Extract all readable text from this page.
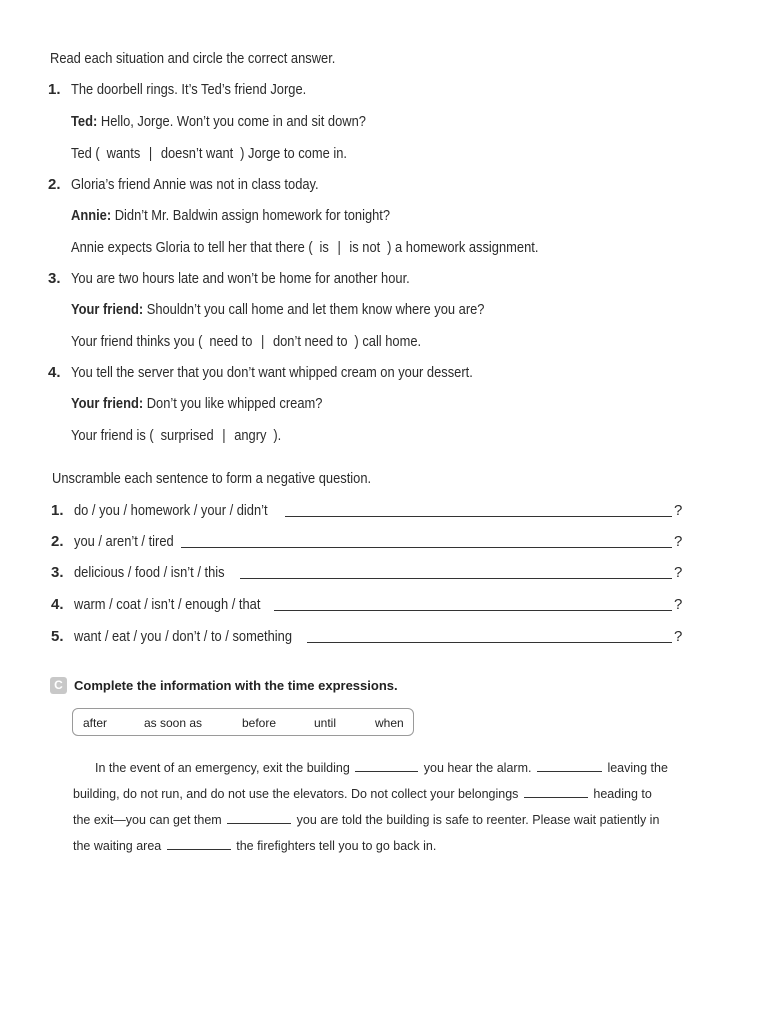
Read each situation and circle the correct answer.
1. The doorbell rings. It’s Ted’s friend Jorge.
Ted: Hello, Jorge. Won’t you come in and sit down?
Ted ( wants | doesn’t want ) Jorge to come in.
2. Gloria’s friend Annie was not in class today.
Annie: Didn’t Mr. Baldwin assign homework for tonight?
Annie expects Gloria to tell her that there ( is | is not ) a homework assignment.
3. You are two hours late and won’t be home for another hour.
Your friend: Shouldn’t you call home and let them know where you are?
Your friend thinks you ( need to | don’t need to ) call home.
4. You tell the server that you don’t want whipped cream on your dessert.
Your friend: Don’t you like whipped cream?
Your friend is ( surprised | angry ).
Unscramble each sentence to form a negative question.
1. do / you / homework / your / didn’t	?
2. you / aren’t / tired	?
3. delicious / food / isn’t / this	?
4. warm / coat / isn’t / enough / that	?
5. want / eat / you / don’t / to / something	?
C Complete the information with the time expressions.
after	as soon as	before	until	when
In the event of an emergency, exit the building	you hear the alarm.	leaving the
building, do not run, and do not use the elevators. Do not collect your belongings	heading to
the exit—you can get them	you are told the building is safe to reenter. Please wait patiently in
the waiting area	the firefighters tell you to go back in.
